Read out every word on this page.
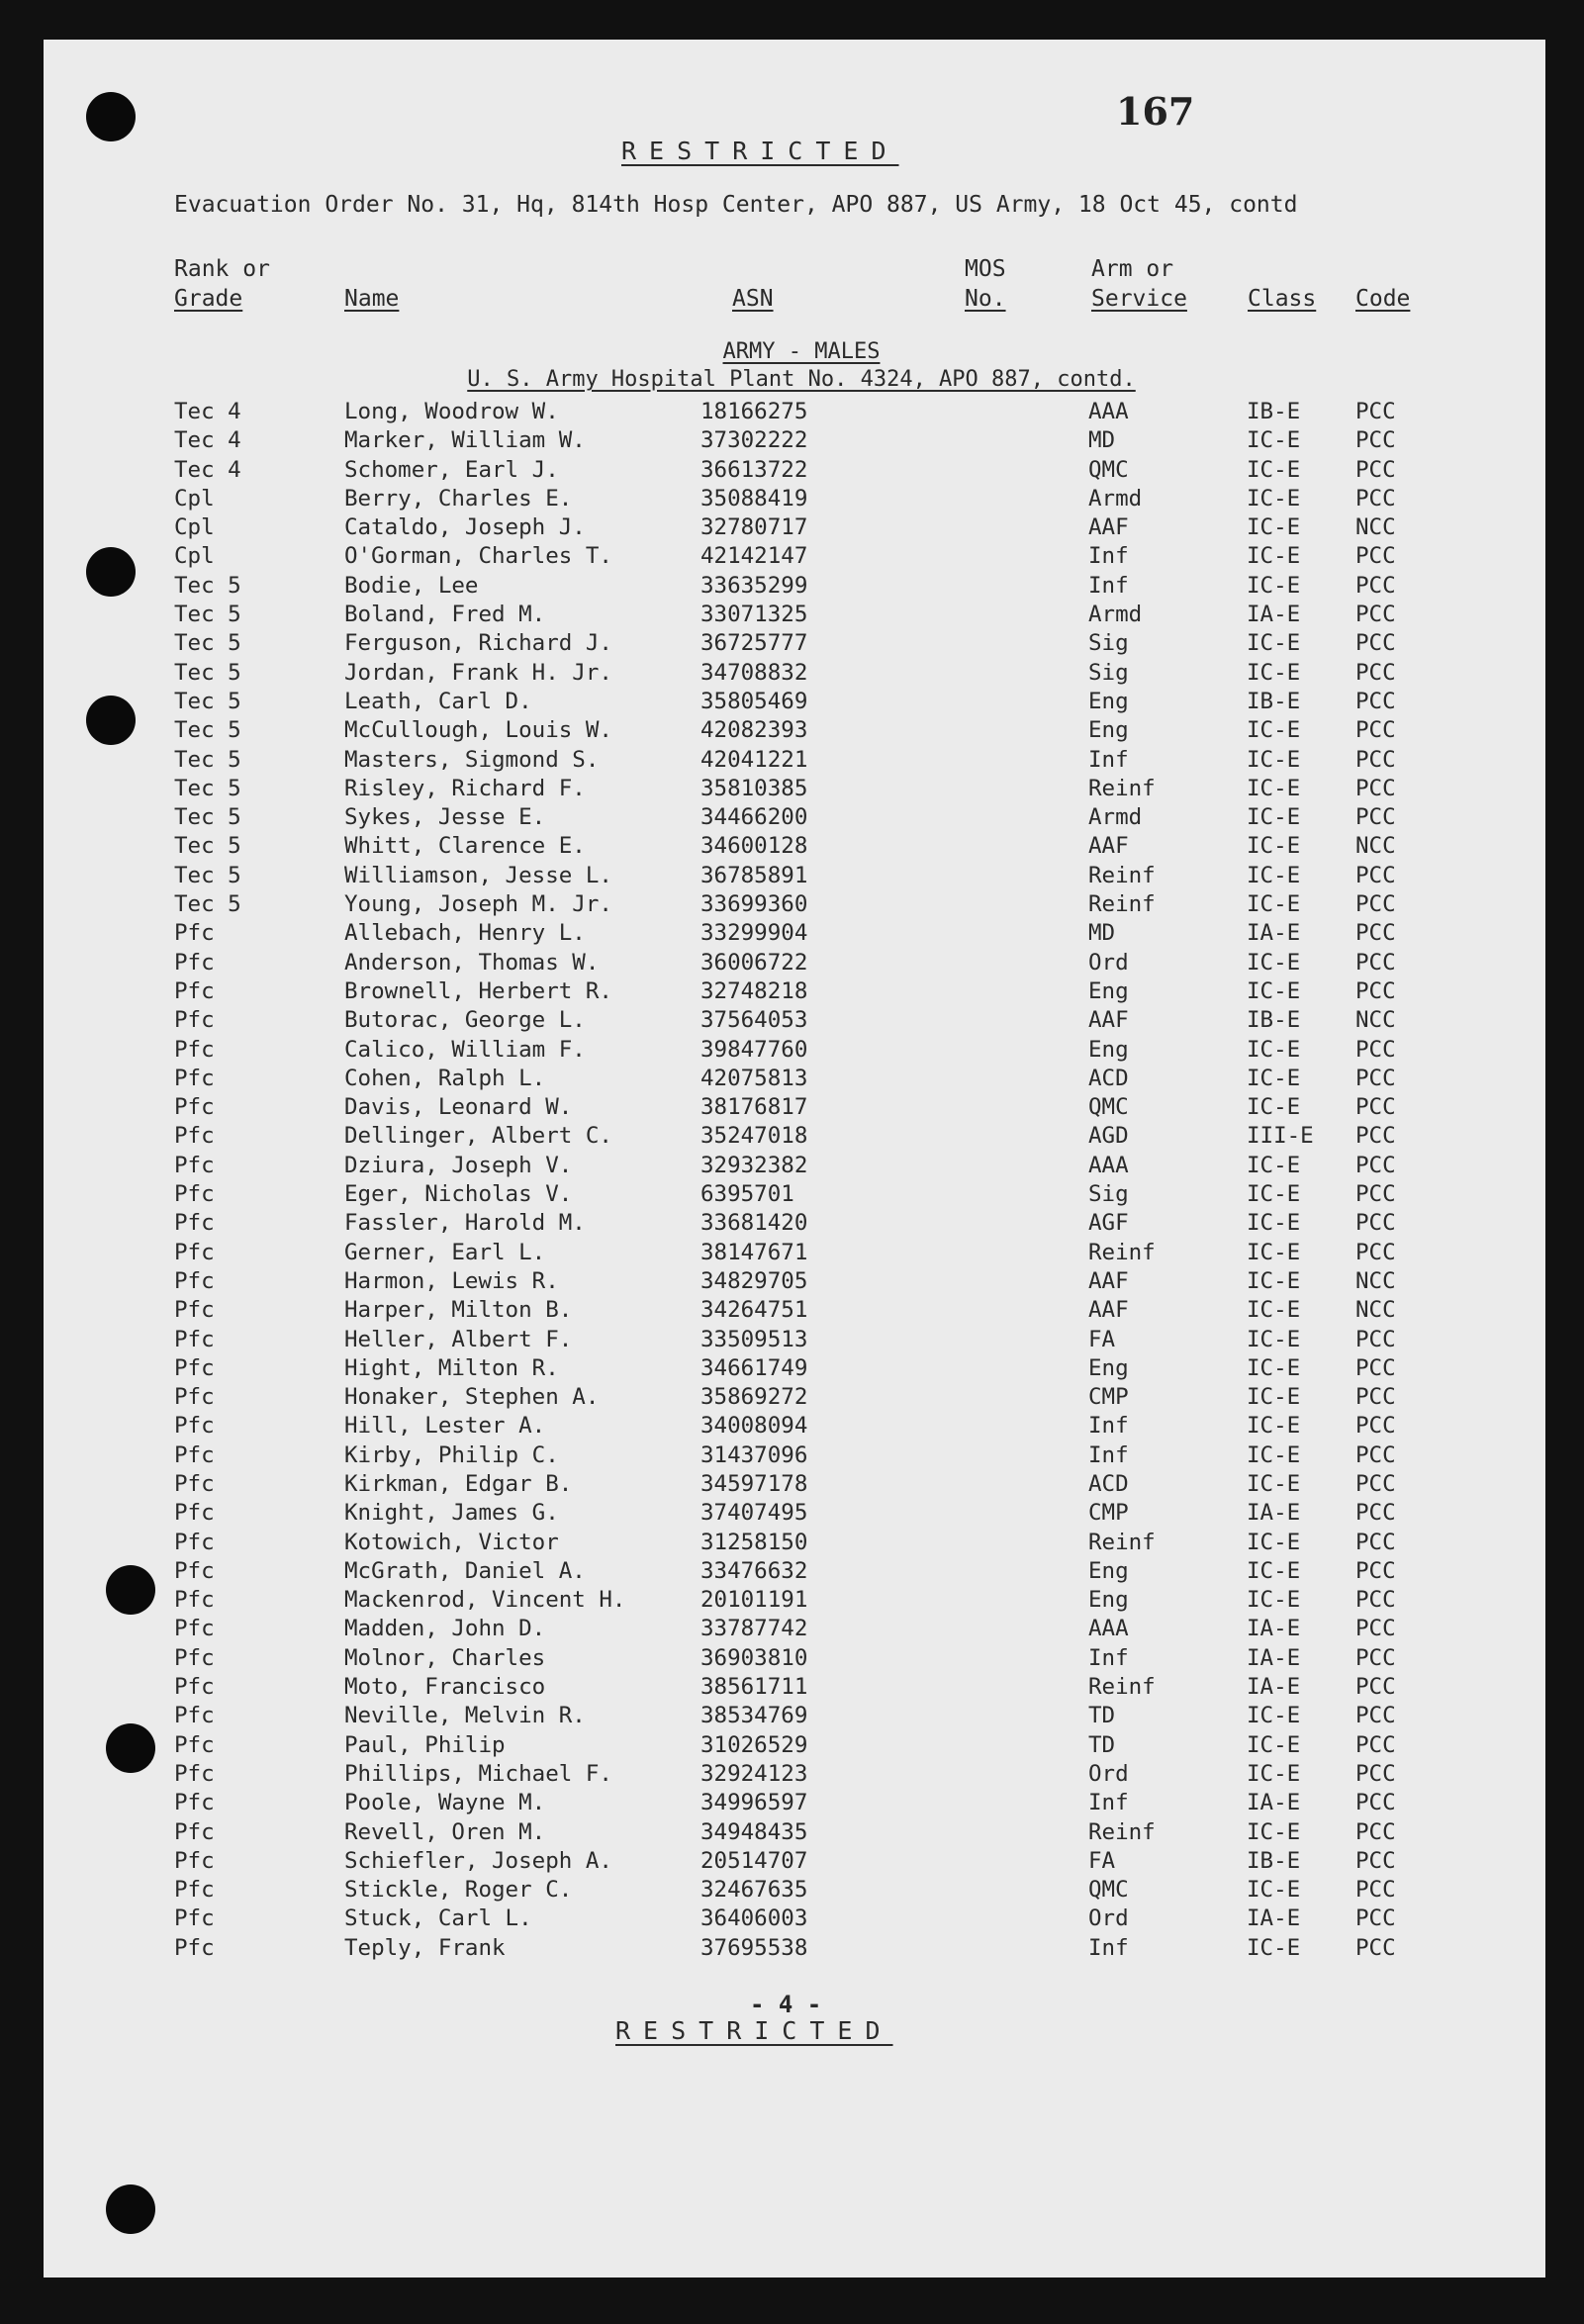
167
RESTRICTED
Evacuation Order No. 31, Hq, 814th Hosp Center, APO 887, US Army, 18 Oct 45, contd
Rank or
Grade	Name	ASN
MOS
No.
Arm or
Service	Class Code
ARMY - MALES
U. S. Army Hospital Plant No. 4324, APO 887, contd.
Tec 4	Long, Woodrow W.	18166275	AAA	IB-E PCC
Tec 4	Marker, William W.	37302222	MD	IC-E PCC
Tec 4	Schomer, Earl J.	36613722	QMC	IC-E PCC
Cpl	Berry, Charles E.	35088419	Armd	IC-E PCC
Cpl	Cataldo, Joseph J.	32780717	AAF	IC-E NCC
Cpl	O'Gorman, Charles T.	42142147	Inf	IC-E PCC
Tec 5	Bodie, Lee	33635299	Inf	IC-E PCC
Tec 5	Boland, Fred M.	33071325	Armd	IA-E PCC
Tec 5	Ferguson, Richard J.	36725777	Sig	IC-E PCC
Tec 5	Jordan, Frank H. Jr.	34708832	Sig	IC-E PCC
Tec 5	Leath, Carl D.	35805469	Eng	IB-E PCC
Tec 5	McCullough, Louis W.	42082393	Eng	IC-E PCC
Tec 5	Masters, Sigmond S.	42041221	Inf	IC-E PCC
Tec 5	Risley, Richard F.	35810385	Reinf	IC-E PCC
Tec 5	Sykes, Jesse E.	34466200	Armd	IC-E PCC
Tec 5	Whitt, Clarence E.	34600128	AAF	IC-E NCC
Tec 5	Williamson, Jesse L.	36785891	Reinf	IC-E PCC
Tec 5	Young, Joseph M. Jr.	33699360	Reinf	IC-E PCC
Pfc	Allebach, Henry L.	33299904	MD	IA-E PCC
Pfc	Anderson, Thomas W.	36006722	Ord	IC-E PCC
Pfc	Brownell, Herbert R.	32748218	Eng	IC-E PCC
Pfc	Butorac, George L.	37564053	AAF	IB-E NCC
Pfc	Calico, William F.	39847760	Eng	IC-E PCC
Pfc	Cohen, Ralph L.	42075813	ACD	IC-E PCC
Pfc	Davis, Leonard W.	38176817	QMC	IC-E PCC
Pfc	Dellinger, Albert C.	35247018	AGD	III-E PCC
Pfc	Dziura, Joseph V.	32932382	AAA	IC-E PCC
Pfc	Eger, Nicholas V.	6395701	Sig	IC-E PCC
Pfc	Fassler, Harold M.	33681420	AGF	IC-E PCC
Pfc	Gerner, Earl L.	38147671	Reinf	IC-E PCC
Pfc	Harmon, Lewis R.	34829705	AAF	IC-E NCC
Pfc	Harper, Milton B.	34264751	AAF	IC-E NCC
Pfc	Heller, Albert F.	33509513	FA	IC-E PCC
Pfc	Hight, Milton R.	34661749	Eng	IC-E PCC
Pfc	Honaker, Stephen A.	35869272	CMP	IC-E PCC
Pfc	Hill, Lester A.	34008094	Inf	IC-E PCC
Pfc	Kirby, Philip C.	31437096	Inf	IC-E PCC
Pfc	Kirkman, Edgar B.	34597178	ACD	IC-E PCC
Pfc	Knight, James G.	37407495	CMP	IA-E PCC
Pfc	Kotowich, Victor	31258150	Reinf	IC-E PCC
Pfc	McGrath, Daniel A.	33476632	Eng	IC-E PCC
Pfc	Mackenrod, Vincent H.	20101191	Eng	IC-E PCC
Pfc	Madden, John D.	33787742	AAA	IA-E PCC
Pfc	Molnor, Charles	36903810	Inf	IA-E PCC
Pfc	Moto, Francisco	38561711	Reinf	IA-E PCC
Pfc	Neville, Melvin R.	38534769	TD	IC-E PCC
Pfc	Paul, Philip	31026529	TD	IC-E PCC
Pfc	Phillips, Michael F.	32924123	Ord	IC-E PCC
Pfc	Poole, Wayne M.	34996597	Inf	IA-E PCC
Pfc	Revell, Oren M.	34948435	Reinf	IC-E PCC
Pfc	Schiefler, Joseph A.	20514707	FA	IB-E PCC
Pfc	Stickle, Roger C.	32467635	QMC	IC-E PCC
Pfc	Stuck, Carl L.	36406003	Ord	IA-E PCC
Pfc	Teply, Frank	37695538	Inf	IC-E PCC
- 4 -
RESTRICTED
